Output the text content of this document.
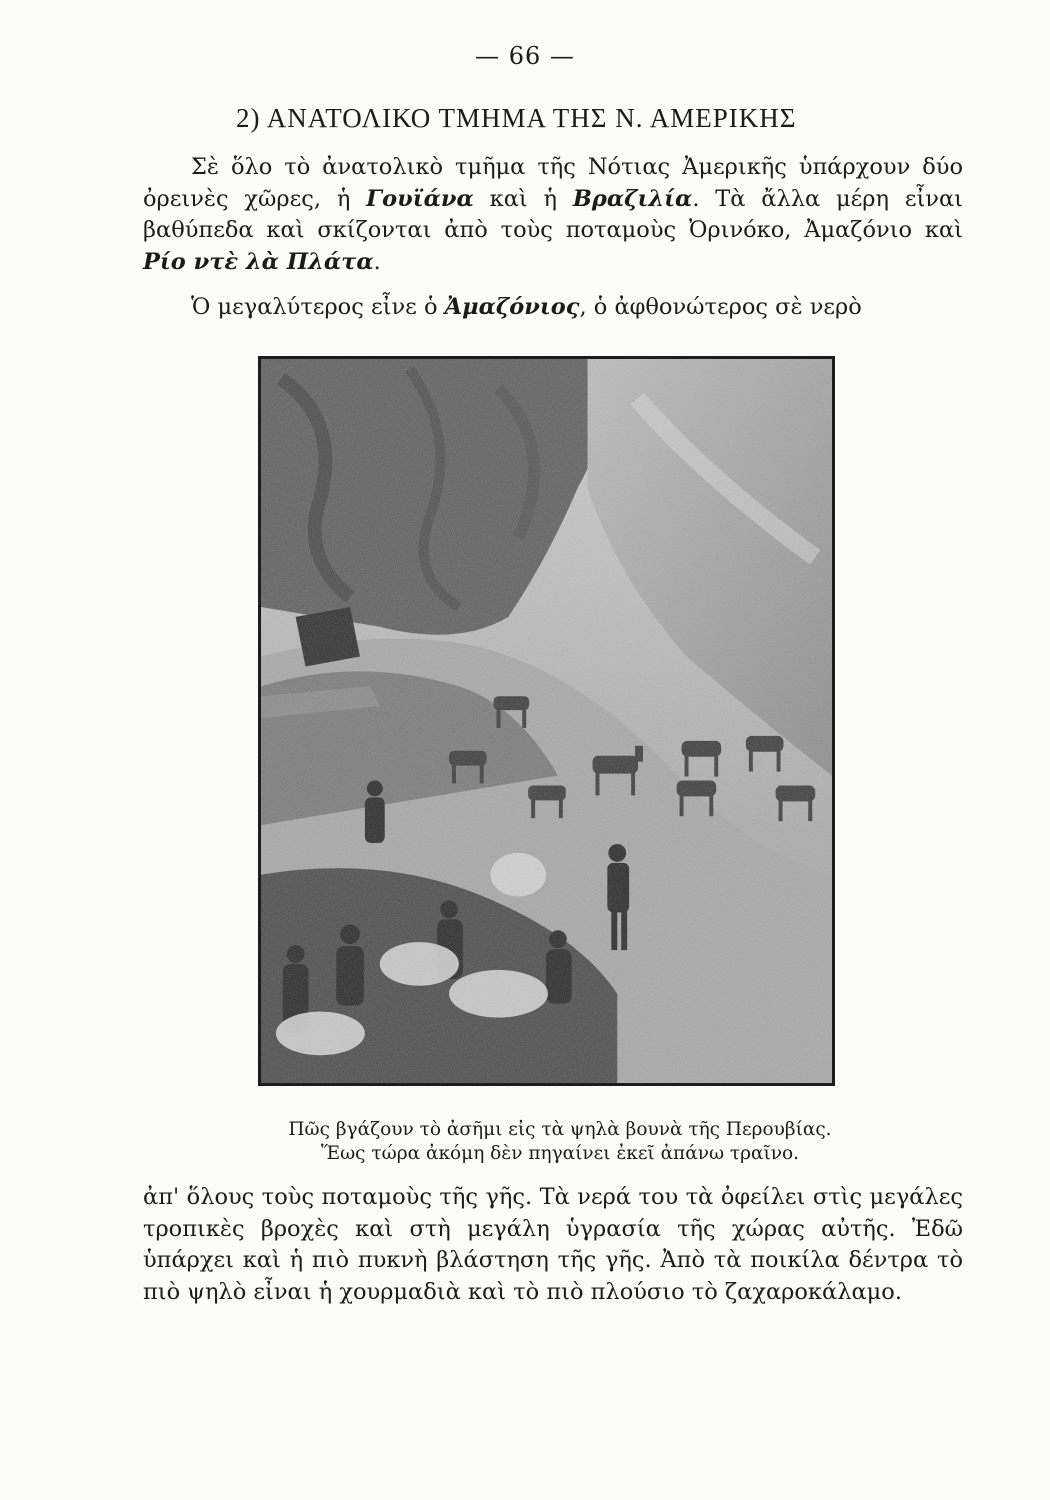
— 66 —
2) ΑΝΑΤΟΛΙΚΟ ΤΜΗΜΑ ΤΗΣ Ν. ΑΜΕΡΙΚΗΣ

Σὲ ὅλο τὸ ἀνατολικὸ τμῆμα τῆς Νότιας Ἀμερικῆς ὑπάρχουν δύο ὀρεινὲς χῶρες, ἡ Γουϊάνα καὶ ἡ Βραζιλία. Τὰ ἄλλα μέρη εἶναι βαθύπεδα καὶ σκίζονται ἀπὸ τοὺς ποταμοὺς Ὀρινόκο, Ἀμαζόνιο καὶ Ρίο ντὲ λὰ Πλάτα.

Ὁ μεγαλύτερος εἶνε ὁ Ἀμαζόνιος, ὁ ἀφθονώτερος σὲ νερὸ

Πῶς βγάζουν τὸ ἀσῆμι εἰς τὰ ψηλὰ βουνὰ τῆς Περουβίας.
Ἕως τώρα ἀκόμη δὲν πηγαίνει ἐκεῖ ἀπάνω τραῖνο.

ἀπ' ὅλους τοὺς ποταμοὺς τῆς γῆς. Τὰ νερά του τὰ ὀφείλει στὶς μεγάλες τροπικὲς βροχὲς καὶ στὴ μεγάλη ὑγρασία τῆς χώρας αὐτῆς. Ἐδῶ ὑπάρχει καὶ ἡ πιὸ πυκνὴ βλάστηση τῆς γῆς. Ἀπὸ τὰ ποικίλα δέντρα τὸ πιὸ ψηλὸ εἶναι ἡ χουρμαδιὰ καὶ τὸ πιὸ πλούσιο τὸ ζαχαροκάλαμο.
